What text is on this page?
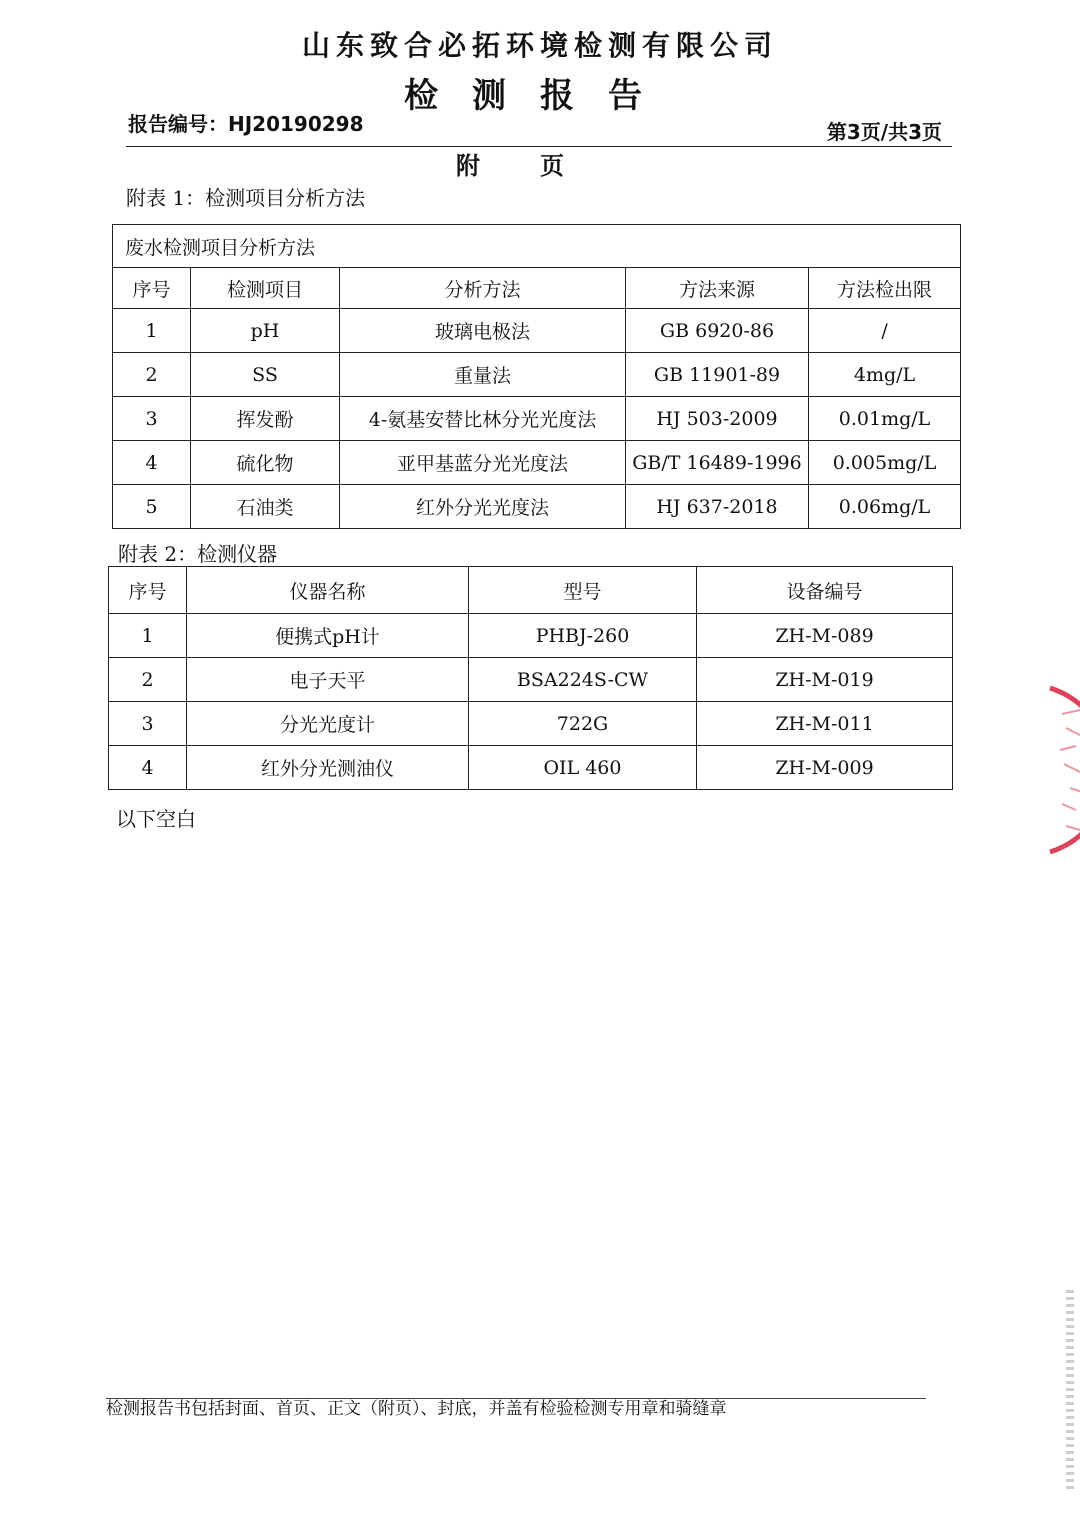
山东致合必拓环境检测有限公司
检测报告
报告编号：HJ20190298	第3页/共3页
附页
附表 1：检测项目分析方法
废水检测项目分析方法				
序号	检测项目	分析方法	方法来源	方法检出限
1	pH	玻璃电极法	GB 6920-86	/
2	SS	重量法	GB 11901-89	4mg/L
3	挥发酚	4-氨基安替比林分光光度法	HJ 503-2009	0.01mg/L
4	硫化物	亚甲基蓝分光光度法	GB/T 16489-1996	0.005mg/L
5	石油类	红外分光光度法	HJ 637-2018	0.06mg/L
附表 2：检测仪器
序号	仪器名称	型号	设备编号
1	便携式pH计	PHBJ-260	ZH-M-089
2	电子天平	BSA224S-CW	ZH-M-019
3	分光光度计	722G	ZH-M-011
4	红外分光测油仪	OIL 460	ZH-M-009
以下空白
检测报告书包括封面、首页、正文（附页）、封底，并盖有检验检测专用章和骑缝章
